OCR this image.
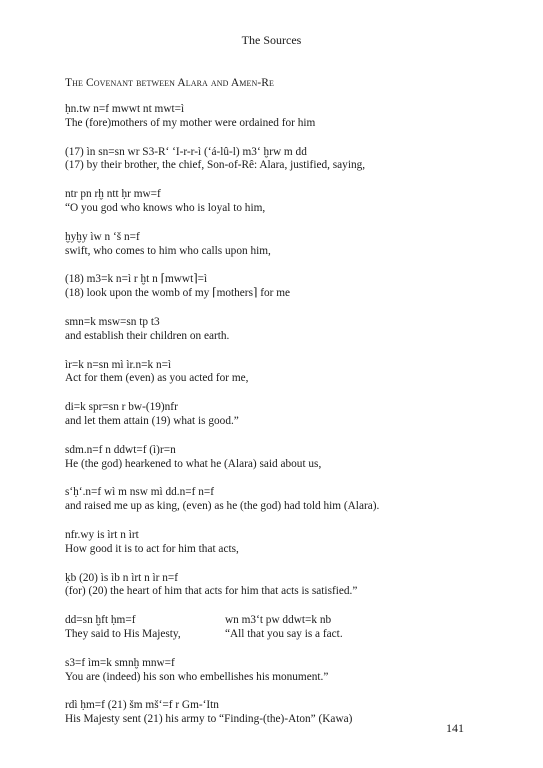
The Sources
The Covenant between Alara and Amen-Re
ḥn.tw n=f mwwt nt mwt=ì
The (fore)mothers of my mother were ordained for him
(17) ìn sn=sn wr S3-R‘ ‘I-r-r-ì (‘á-lû-l) m3‘ ḫrw m dd
(17) by their brother, the chief, Son-of-Rê: Alara, justified, saying,
ntr pn rḫ ntt ḥr mw=f
“O you god who knows who is loyal to him,
ḫyḫy ìw n ‘š n=f
swift, who comes to him who calls upon him,
(18) m3=k n=ì r ḫt n ⌈mwwt⌉=ì
(18) look upon the womb of my ⌈mothers⌉ for me
smn=k msw=sn tp t3
and establish their children on earth.
ìr=k n=sn mì ìr.n=k n=ì
Act for them (even) as you acted for me,
di=k spr=sn r bw-(19)nfr
and let them attain (19) what is good.”
sdm.n=f n ddwt=f (ì)r=n
He (the god) hearkened to what he (Alara) said about us,
s‘ḥ‘.n=f wì m nsw mì dd.n=f n=f
and raised me up as king, (even) as he (the god) had told him (Alara).
nfr.wy is ìrt n ìrt
How good it is to act for him that acts,
ḳb (20) ìs ìb n ìrt n ìr n=f
(for) (20) the heart of him that acts for him that acts is satisfied.”
dd=sn ḫft ḥm=f	wn m3‘t pw ddwt=k nb
They said to His Majesty,	“All that you say is a fact.
s3=f ìm=k smnḫ mnw=f
You are (indeed) his son who embellishes his monument.”
rdì ḥm=f (21) šm mš‘=f r Gm-‘Itn
His Majesty sent (21) his army to “Finding-(the)-Aton” (Kawa)
141
